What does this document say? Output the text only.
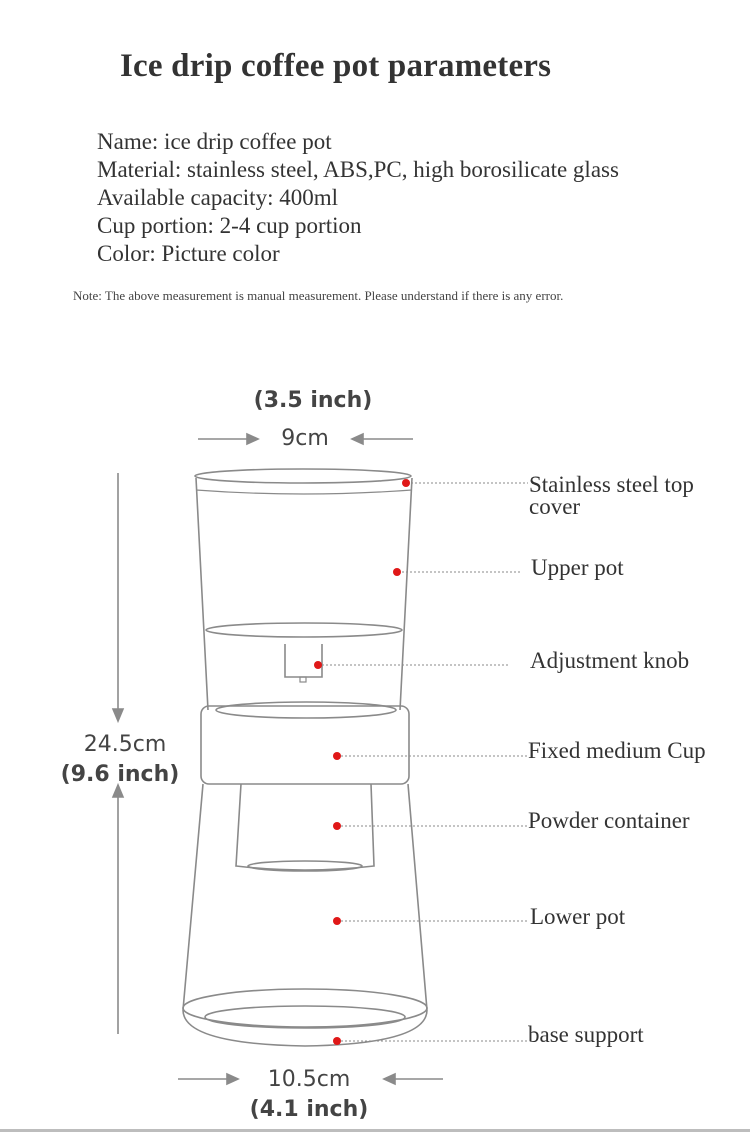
Ice drip coffee pot parameters
Name: ice drip coffee pot
Material: stainless steel, ABS,PC, high borosilicate glass
Available capacity: 400ml
Cup portion: 2-4 cup portion
Color: Picture color
Note: The above measurement is manual measurement. Please understand if there is any error.
(3.5 inch)
9cm
24.5cm
(9.6 inch)
10.5cm
(4.1 inch)
Stainless steel top
cover
Upper pot
Adjustment knob
Fixed medium Cup
Powder container
Lower pot
base support
